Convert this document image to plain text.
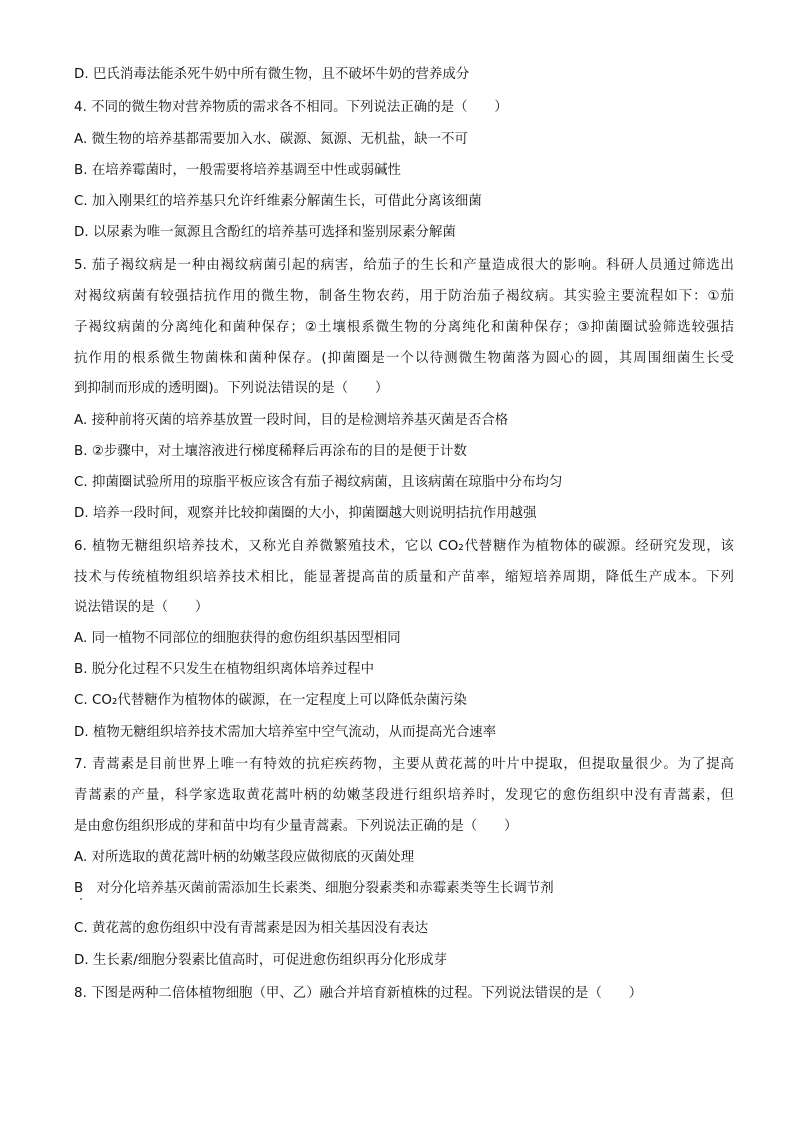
D. 巴氏消毒法能杀死牛奶中所有微生物，且不破坏牛奶的营养成分
4. 不同的微生物对营养物质的需求各不相同。下列说法正确的是（　　）
A. 微生物的培养基都需要加入水、碳源、氮源、无机盐，缺一不可
B. 在培养霉菌时，一般需要将培养基调至中性或弱碱性
C. 加入刚果红的培养基只允许纤维素分解菌生长，可借此分离该细菌
D. 以尿素为唯一氮源且含酚红的培养基可选择和鉴别尿素分解菌
5. 茄子褐纹病是一种由褐纹病菌引起的病害，给茄子的生长和产量造成很大的影响。科研人员通过筛选出
对褐纹病菌有较强拮抗作用的微生物，制备生物农药，用于防治茄子褐纹病。其实验主要流程如下：①茄
子褐纹病菌的分离纯化和菌种保存；②土壤根系微生物的分离纯化和菌种保存；③抑菌圈试验筛选较强拮
抗作用的根系微生物菌株和菌种保存。(抑菌圈是一个以待测微生物菌落为圆心的圆，其周围细菌生长受
到抑制而形成的透明圈)。下列说法错误的是（　　）
A. 接种前将灭菌的培养基放置一段时间，目的是检测培养基灭菌是否合格
B. ②步骤中，对土壤溶液进行梯度稀释后再涂布的目的是便于计数
C. 抑菌圈试验所用的琼脂平板应该含有茄子褐纹病菌，且该病菌在琼脂中分布均匀
D. 培养一段时间，观察并比较抑菌圈的大小，抑菌圈越大则说明拮抗作用越强
6. 植物无糖组织培养技术，又称光自养微繁殖技术，它以 CO₂代替糖作为植物体的碳源。经研究发现，该
技术与传统植物组织培养技术相比，能显著提高苗的质量和产苗率，缩短培养周期，降低生产成本。下列
说法错误的是（　　）
A. 同一植物不同部位的细胞获得的愈伤组织基因型相同
B. 脱分化过程不只发生在植物组织离体培养过程中
C. CO₂代替糖作为植物体的碳源，在一定程度上可以降低杂菌污染
D. 植物无糖组织培养技术需加大培养室中空气流动，从而提高光合速率
7. 青蒿素是目前世界上唯一有特效的抗疟疾药物，主要从黄花蒿的叶片中提取，但提取量很少。为了提高
青蒿素的产量，科学家选取黄花蒿叶柄的幼嫩茎段进行组织培养时，发现它的愈伤组织中没有青蒿素，但
是由愈伤组织形成的芽和苗中均有少量青蒿素。下列说法正确的是（　　）
A. 对所选取的黄花蒿叶柄的幼嫩茎段应做彻底的灭菌处理
B　对分化培养基灭菌前需添加生长素类、细胞分裂素类和赤霉素类等生长调节剂
C. 黄花蒿的愈伤组织中没有青蒿素是因为相关基因没有表达
D. 生长素/细胞分裂素比值高时，可促进愈伤组织再分化形成芽
8. 下图是两种二倍体植物细胞（甲、乙）融合并培育新植株的过程。下列说法错误的是（　　）
